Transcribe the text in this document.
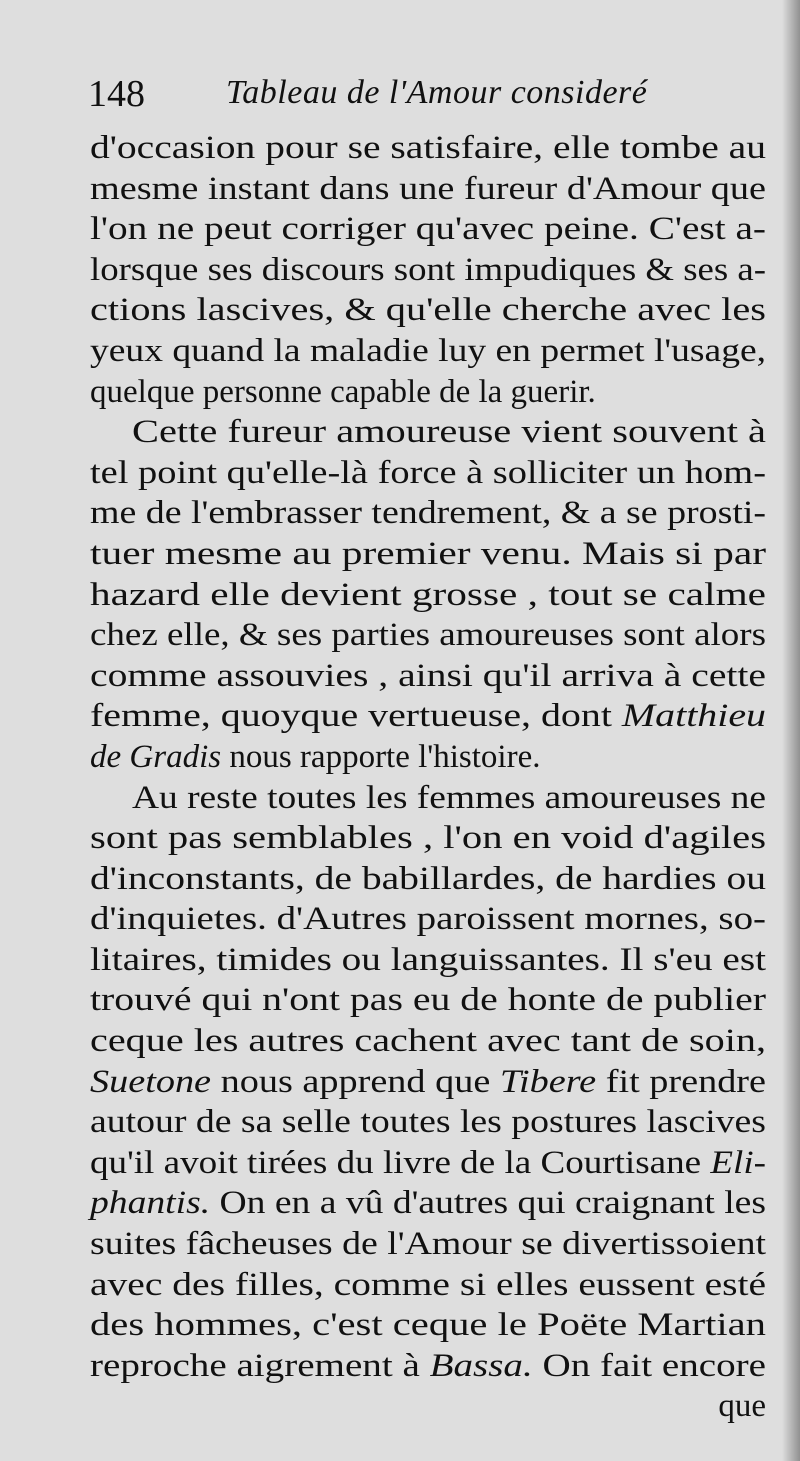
148 Tableau de l'Amour consideré
d'occasion pour se satisfaire, elle tombe au
mesme instant dans une fureur d'Amour que
l'on ne peut corriger qu'avec peine. C'est a-
lorsque ses discours sont impudiques & ses a-
ctions lascives, & qu'elle cherche avec les
yeux quand la maladie luy en permet l'usage,
quelque personne capable de la guerir.
Cette fureur amoureuse vient souvent à
tel point qu'elle-là force à solliciter un hom-
me de l'embrasser tendrement, & a se prosti-
tuer mesme au premier venu. Mais si par
hazard elle devient grosse , tout se calme
chez elle, & ses parties amoureuses sont alors
comme assouvies , ainsi qu'il arriva à cette
femme, quoyque vertueuse, dont Matthieu
de Gradis nous rapporte l'histoire.
Au reste toutes les femmes amoureuses ne
sont pas semblables , l'on en void d'agiles
d'inconstants, de babillardes, de hardies ou
d'inquietes. d'Autres paroissent mornes, so-
litaires, timides ou languissantes. Il s'eu est
trouvé qui n'ont pas eu de honte de publier
ceque les autres cachent avec tant de soin,
Suetone nous apprend que Tibere fit prendre
autour de sa selle toutes les postures lascives
qu'il avoit tirées du livre de la Courtisane Eli-
phantis. On en a vû d'autres qui craignant les
suites fâcheuses de l'Amour se divertissoient
avec des filles, comme si elles eussent esté
des hommes, c'est ceque le Poëte Martian
reproche aigrement à Bassa. On fait encore
que
